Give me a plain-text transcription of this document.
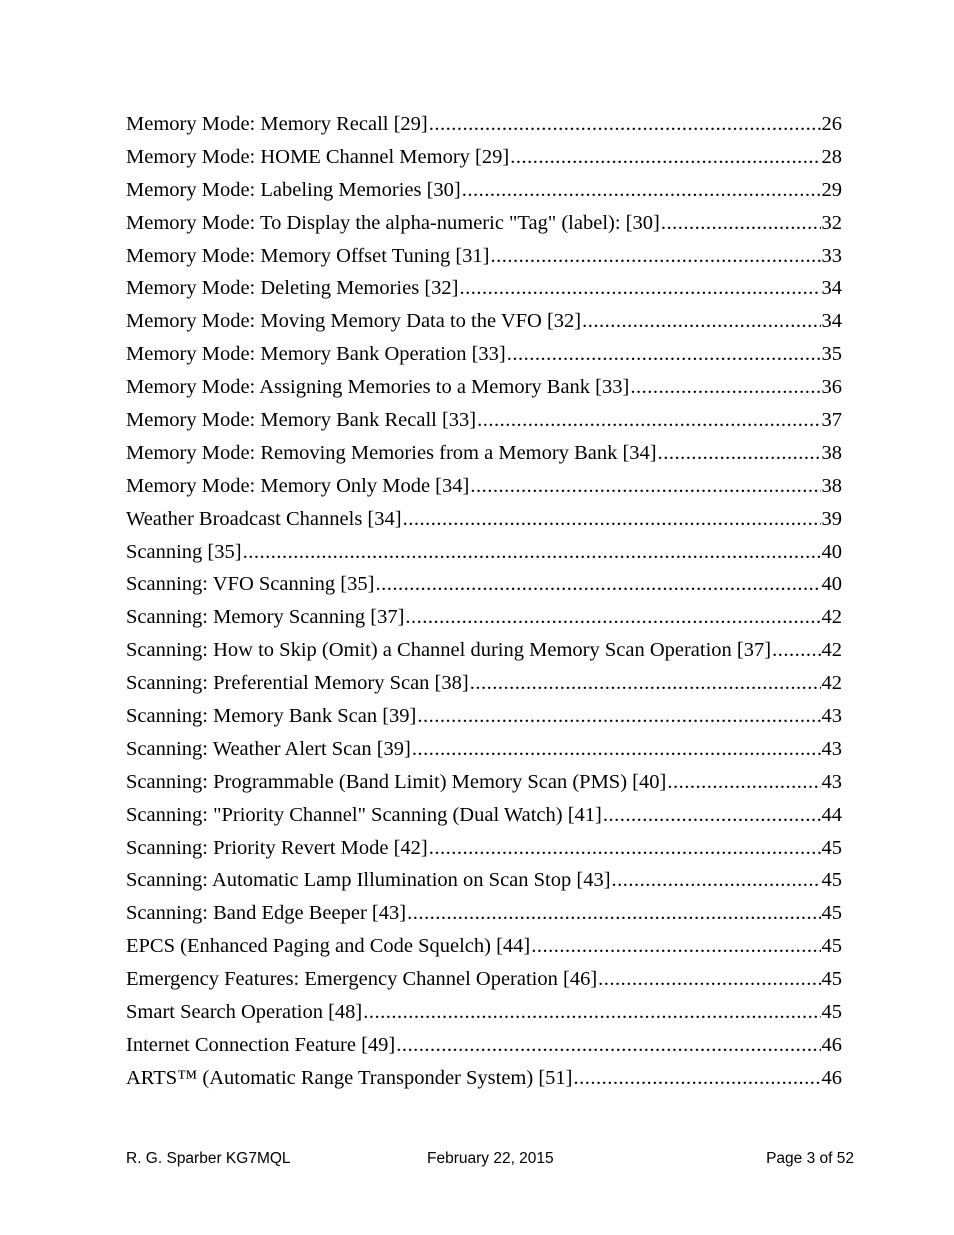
Memory Mode: Memory Recall [29] .....	26
Memory Mode: HOME Channel Memory [29] .....	28
Memory Mode: Labeling Memories [30] .....	29
Memory Mode: To Display the alpha-numeric "Tag" (label): [30] .....	32
Memory Mode: Memory Offset Tuning [31] .....	33
Memory Mode: Deleting Memories [32] .....	34
Memory Mode: Moving Memory Data to the VFO [32] .....	34
Memory Mode: Memory Bank Operation [33] .....	35
Memory Mode: Assigning Memories to a Memory Bank [33] .....	36
Memory Mode: Memory Bank Recall [33] .....	37
Memory Mode: Removing Memories from a Memory Bank [34] .....	38
Memory Mode: Memory Only Mode [34] .....	38
Weather Broadcast Channels [34] .....	39
Scanning [35] .....	40
Scanning: VFO Scanning [35] .....	40
Scanning: Memory Scanning [37] .....	42
Scanning: How to Skip (Omit) a Channel during Memory Scan Operation [37] ..... 42
Scanning: Preferential Memory Scan [38] .....	42
Scanning: Memory Bank Scan [39] .....	43
Scanning: Weather Alert Scan [39] .....	43
Scanning: Programmable (Band Limit) Memory Scan (PMS) [40] .....	43
Scanning: "Priority Channel" Scanning (Dual Watch) [41] .....	44
Scanning: Priority Revert Mode [42] .....	45
Scanning: Automatic Lamp Illumination on Scan Stop [43] .....	45
Scanning: Band Edge Beeper [43] .....	45
EPCS (Enhanced Paging and Code Squelch) [44] .....	45
Emergency Features: Emergency Channel Operation [46] .....	45
Smart Search Operation [48] .....	45
Internet Connection Feature [49] .....	46
ARTS™ (Automatic Range Transponder System) [51] .....	46
R. G. Sparber KG7MQL	February 22, 2015	Page 3 of 52
